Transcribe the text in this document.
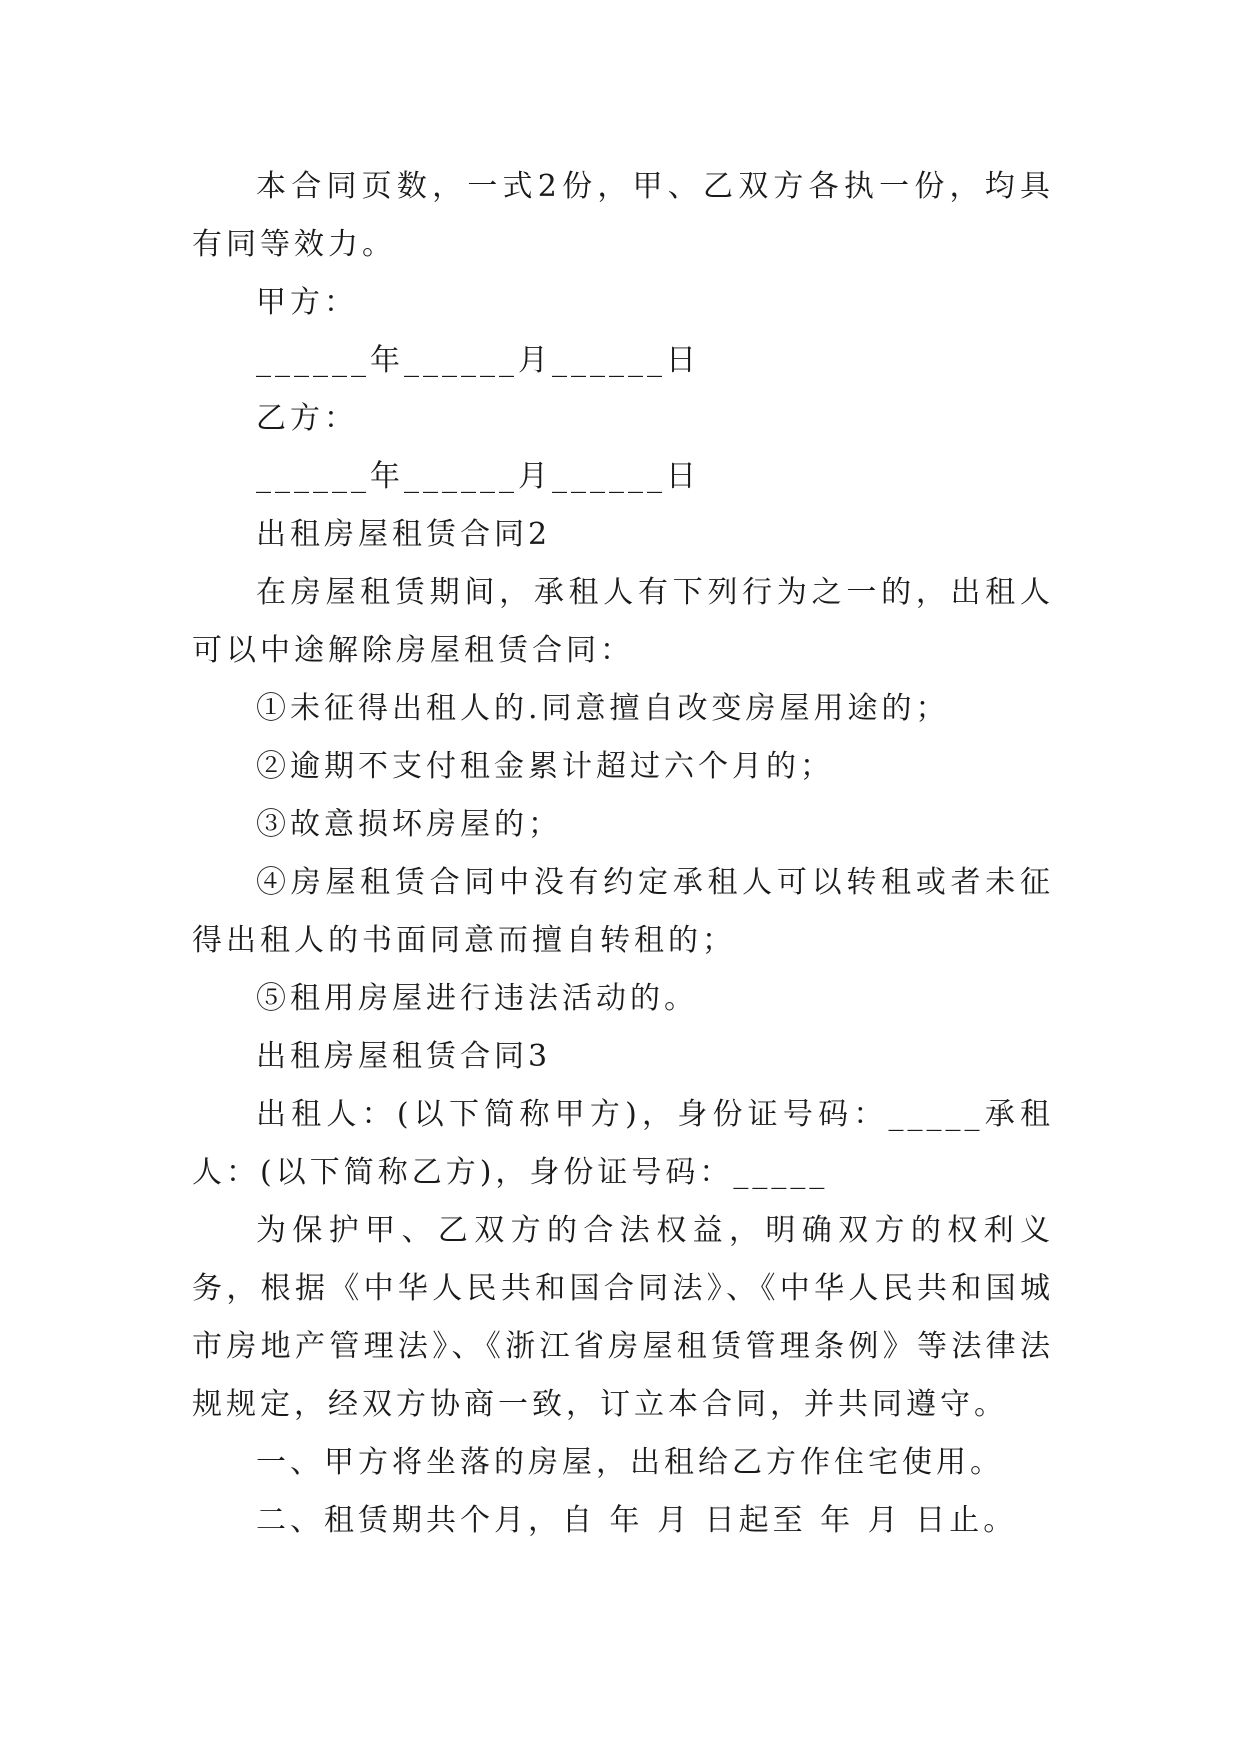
本合同页数，一式2份，甲、乙双方各执一份，均具有同等效力。

甲方：

______年______月______日

乙方：

______年______月______日

出租房屋租赁合同2

在房屋租赁期间，承租人有下列行为之一的，出租人可以中途解除房屋租赁合同：

①未征得出租人的.同意擅自改变房屋用途的；

②逾期不支付租金累计超过六个月的；

③故意损坏房屋的；

④房屋租赁合同中没有约定承租人可以转租或者未征得出租人的书面同意而擅自转租的；

⑤租用房屋进行违法活动的。

出租房屋租赁合同3

出租人：(以下简称甲方)，身份证号码：_____承租人：(以下简称乙方)，身份证号码：_____

为保护甲、乙双方的合法权益，明确双方的权利义务，根据《中华人民共和国合同法》、《中华人民共和国城市房地产管理法》、《浙江省房屋租赁管理条例》等法律法规规定，经双方协商一致，订立本合同，并共同遵守。

一、甲方将坐落的房屋，出租给乙方作住宅使用。

二、租赁期共个月，自 年 月 日起至 年 月 日止。
